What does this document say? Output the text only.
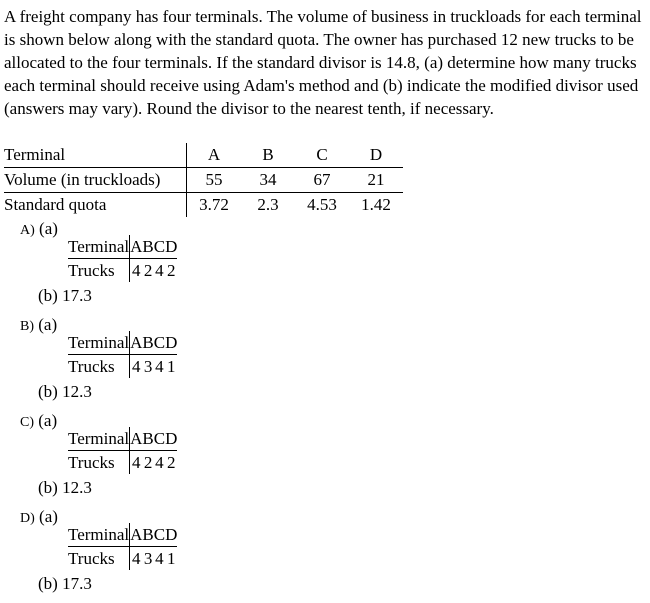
A freight company has four terminals. The volume of business in truckloads for each terminal is shown below along with the standard quota. The owner has purchased 12 new trucks to be allocated to the four terminals. If the standard divisor is 14.8, (a) determine how many trucks each terminal should receive using Adam's method and (b) indicate the modified divisor used (answers may vary). Round the divisor to the nearest tenth, if necessary.
Terminal	A	B	C	D
Volume (in truckloads)	55	34	67	21
Standard quota	3.72	2.3	4.53	1.42
A) (a)
Terminal	A	B	C	D
Trucks	4	2	4	2
(b) 17.3
B) (a)
Terminal	A	B	C	D
Trucks	4	3	4	1
(b) 12.3
C) (a)
Terminal	A	B	C	D
Trucks	4	2	4	2
(b) 12.3
D) (a)
Terminal	A	B	C	D
Trucks	4	3	4	1
(b) 17.3
